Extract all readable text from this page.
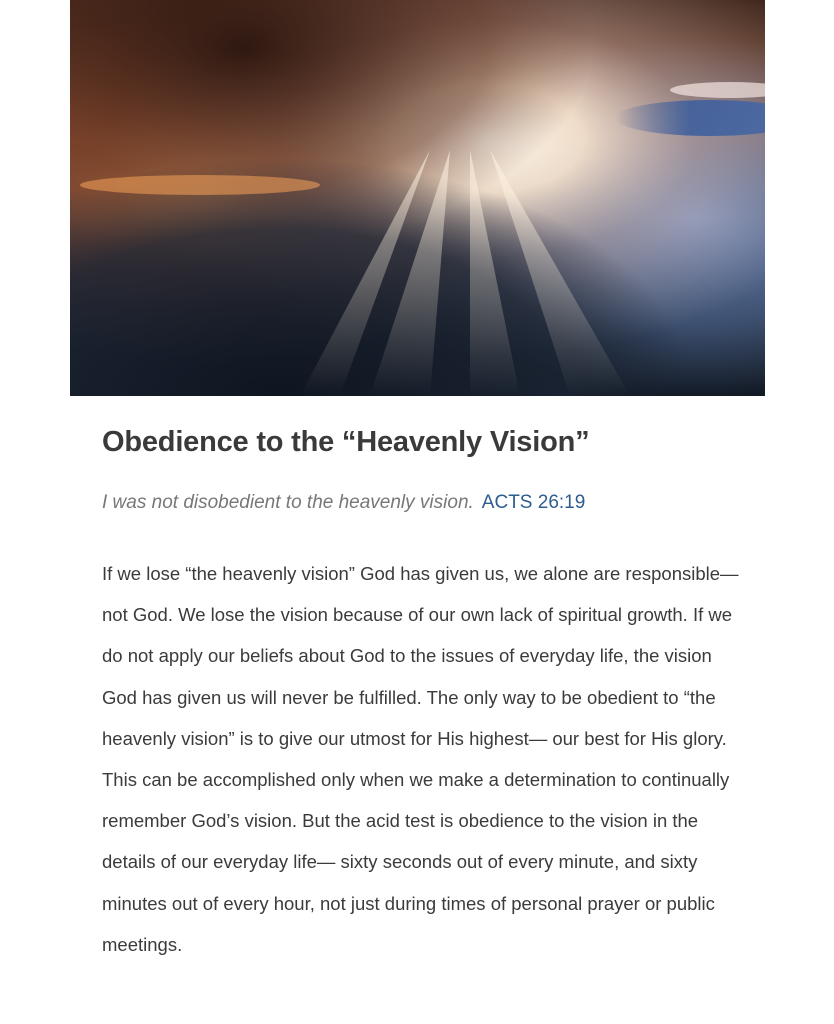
Obedience to the “Heavenly Vision”
I was not disobedient to the heavenly vision. ACTS 26:19

If we lose “the heavenly vision” God has given us, we alone are responsible— not God. We lose the vision because of our own lack of spiritual growth. If we do not apply our beliefs about God to the issues of everyday life, the vision God has given us will never be fulfilled. The only way to be obedient to “the heavenly vision” is to give our utmost for His highest— our best for His glory. This can be accomplished only when we make a determination to continually remember God’s vision. But the acid test is obedience to the vision in the details of our everyday life— sixty seconds out of every minute, and sixty minutes out of every hour, not just during times of personal prayer or public meetings.
